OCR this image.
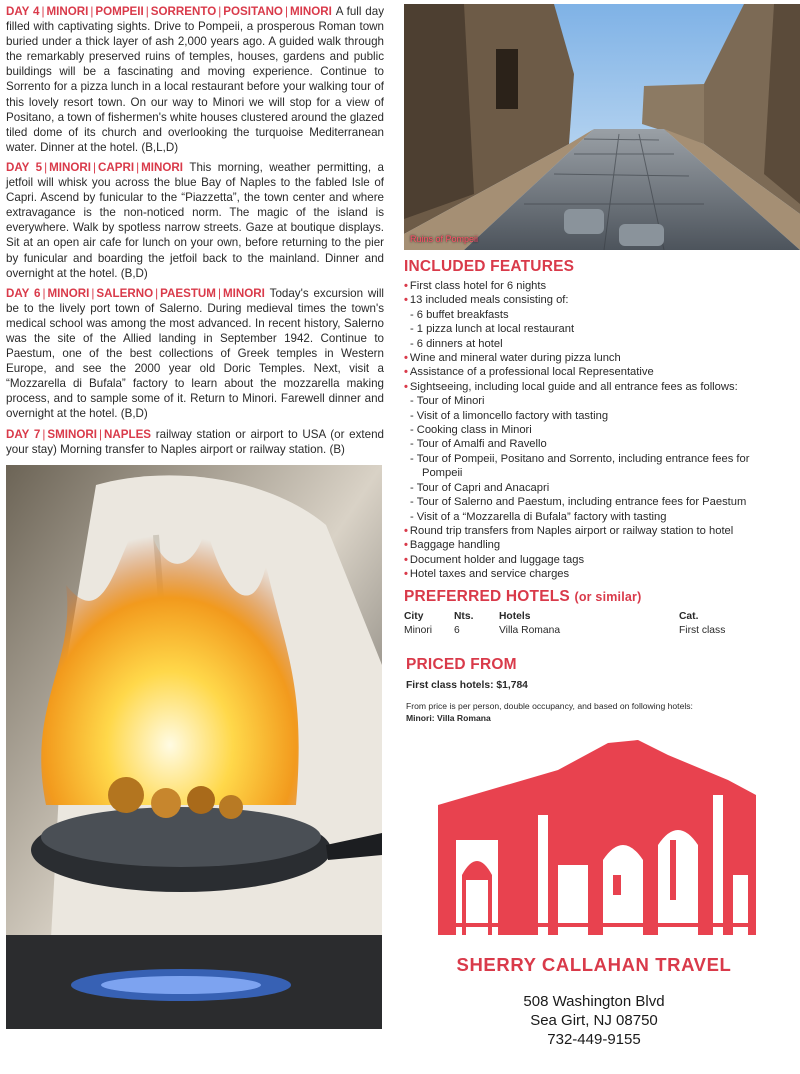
DAY 4 | MINORI | POMPEII | SORRENTO | POSITANO | MINORI A full day filled with captivating sights. Drive to Pompeii, a prosperous Roman town buried under a thick layer of ash 2,000 years ago. A guided walk through the remarkably preserved ruins of temples, houses, gardens and public buildings will be a fascinating and moving experience. Continue to Sorrento for a pizza lunch in a local restaurant before your walking tour of this lovely resort town. On our way to Minori we will stop for a view of Positano, a town of fishermen's white houses clustered around the glazed tiled dome of its church and overlooking the turquoise Mediterranean water. Dinner at the hotel. (B,L,D)

DAY 5 | MINORI | CAPRI | MINORI This morning, weather permitting, a jetfoil will whisk you across the blue Bay of Naples to the fabled Isle of Capri. Ascend by funicular to the “Piazzetta”, the town center and where extravagance is the non-noticed norm. The magic of the island is everywhere. Walk by spotless narrow streets. Gaze at boutique displays. Sit at an open air cafe for lunch on your own, before returning to the pier by funicular and boarding the jetfoil back to the mainland. Dinner and overnight at the hotel. (B,D)

DAY 6 | MINORI | SALERNO | PAESTUM | MINORI Today's excursion will be to the lively port town of Salerno. During medieval times the town's medical school was among the most advanced. In recent history, Salerno was the site of the Allied landing in September 1942. Continue to Paestum, one of the best collections of Greek temples in Western Europe, and see the 2000 year old Doric Temples. Next, visit a “Mozzarella di Bufala” factory to learn about the mozzarella making process, and to sample some of it. Return to Minori. Farewell dinner and overnight at the hotel. (B,D)

DAY 7 | SMINORI | NAPLES railway station or airport to USA (or extend your stay) Morning transfer to Naples airport or railway station. (B)

Ruins of Pompeii
INCLUDED FEATURES
• First class hotel for 6 nights
• 13 included meals consisting of:
- 6 buffet breakfasts
- 1 pizza lunch at local restaurant
- 6 dinners at hotel
• Wine and mineral water during pizza lunch
• Assistance of a professional local Representative
• Sightseeing, including local guide and all entrance fees as follows:
- Tour of Minori
- Visit of a limoncello factory with tasting
- Cooking class in Minori
- Tour of Amalfi and Ravello
- Tour of Pompeii, Positano and Sorrento, including entrance fees for
Pompeii
- Tour of Capri and Anacapri
- Tour of Salerno and Paestum, including entrance fees for Paestum
- Visit of a “Mozzarella di Bufala” factory with tasting
• Round trip transfers from Naples airport or railway station to hotel
• Baggage handling
• Document holder and luggage tags
• Hotel taxes and service charges
PREFERRED HOTELS (or similar)
City	Nts.	Hotels	Cat.
Minori	6	Villa Romana	First class
PRICED FROM
First class hotels: $1,784
From price is per person, double occupancy, and based on following hotels:
Minori: Villa Romana
SHERRY CALLAHAN TRAVEL
508 Washington Blvd
Sea Girt, NJ 08750
732-449-9155
